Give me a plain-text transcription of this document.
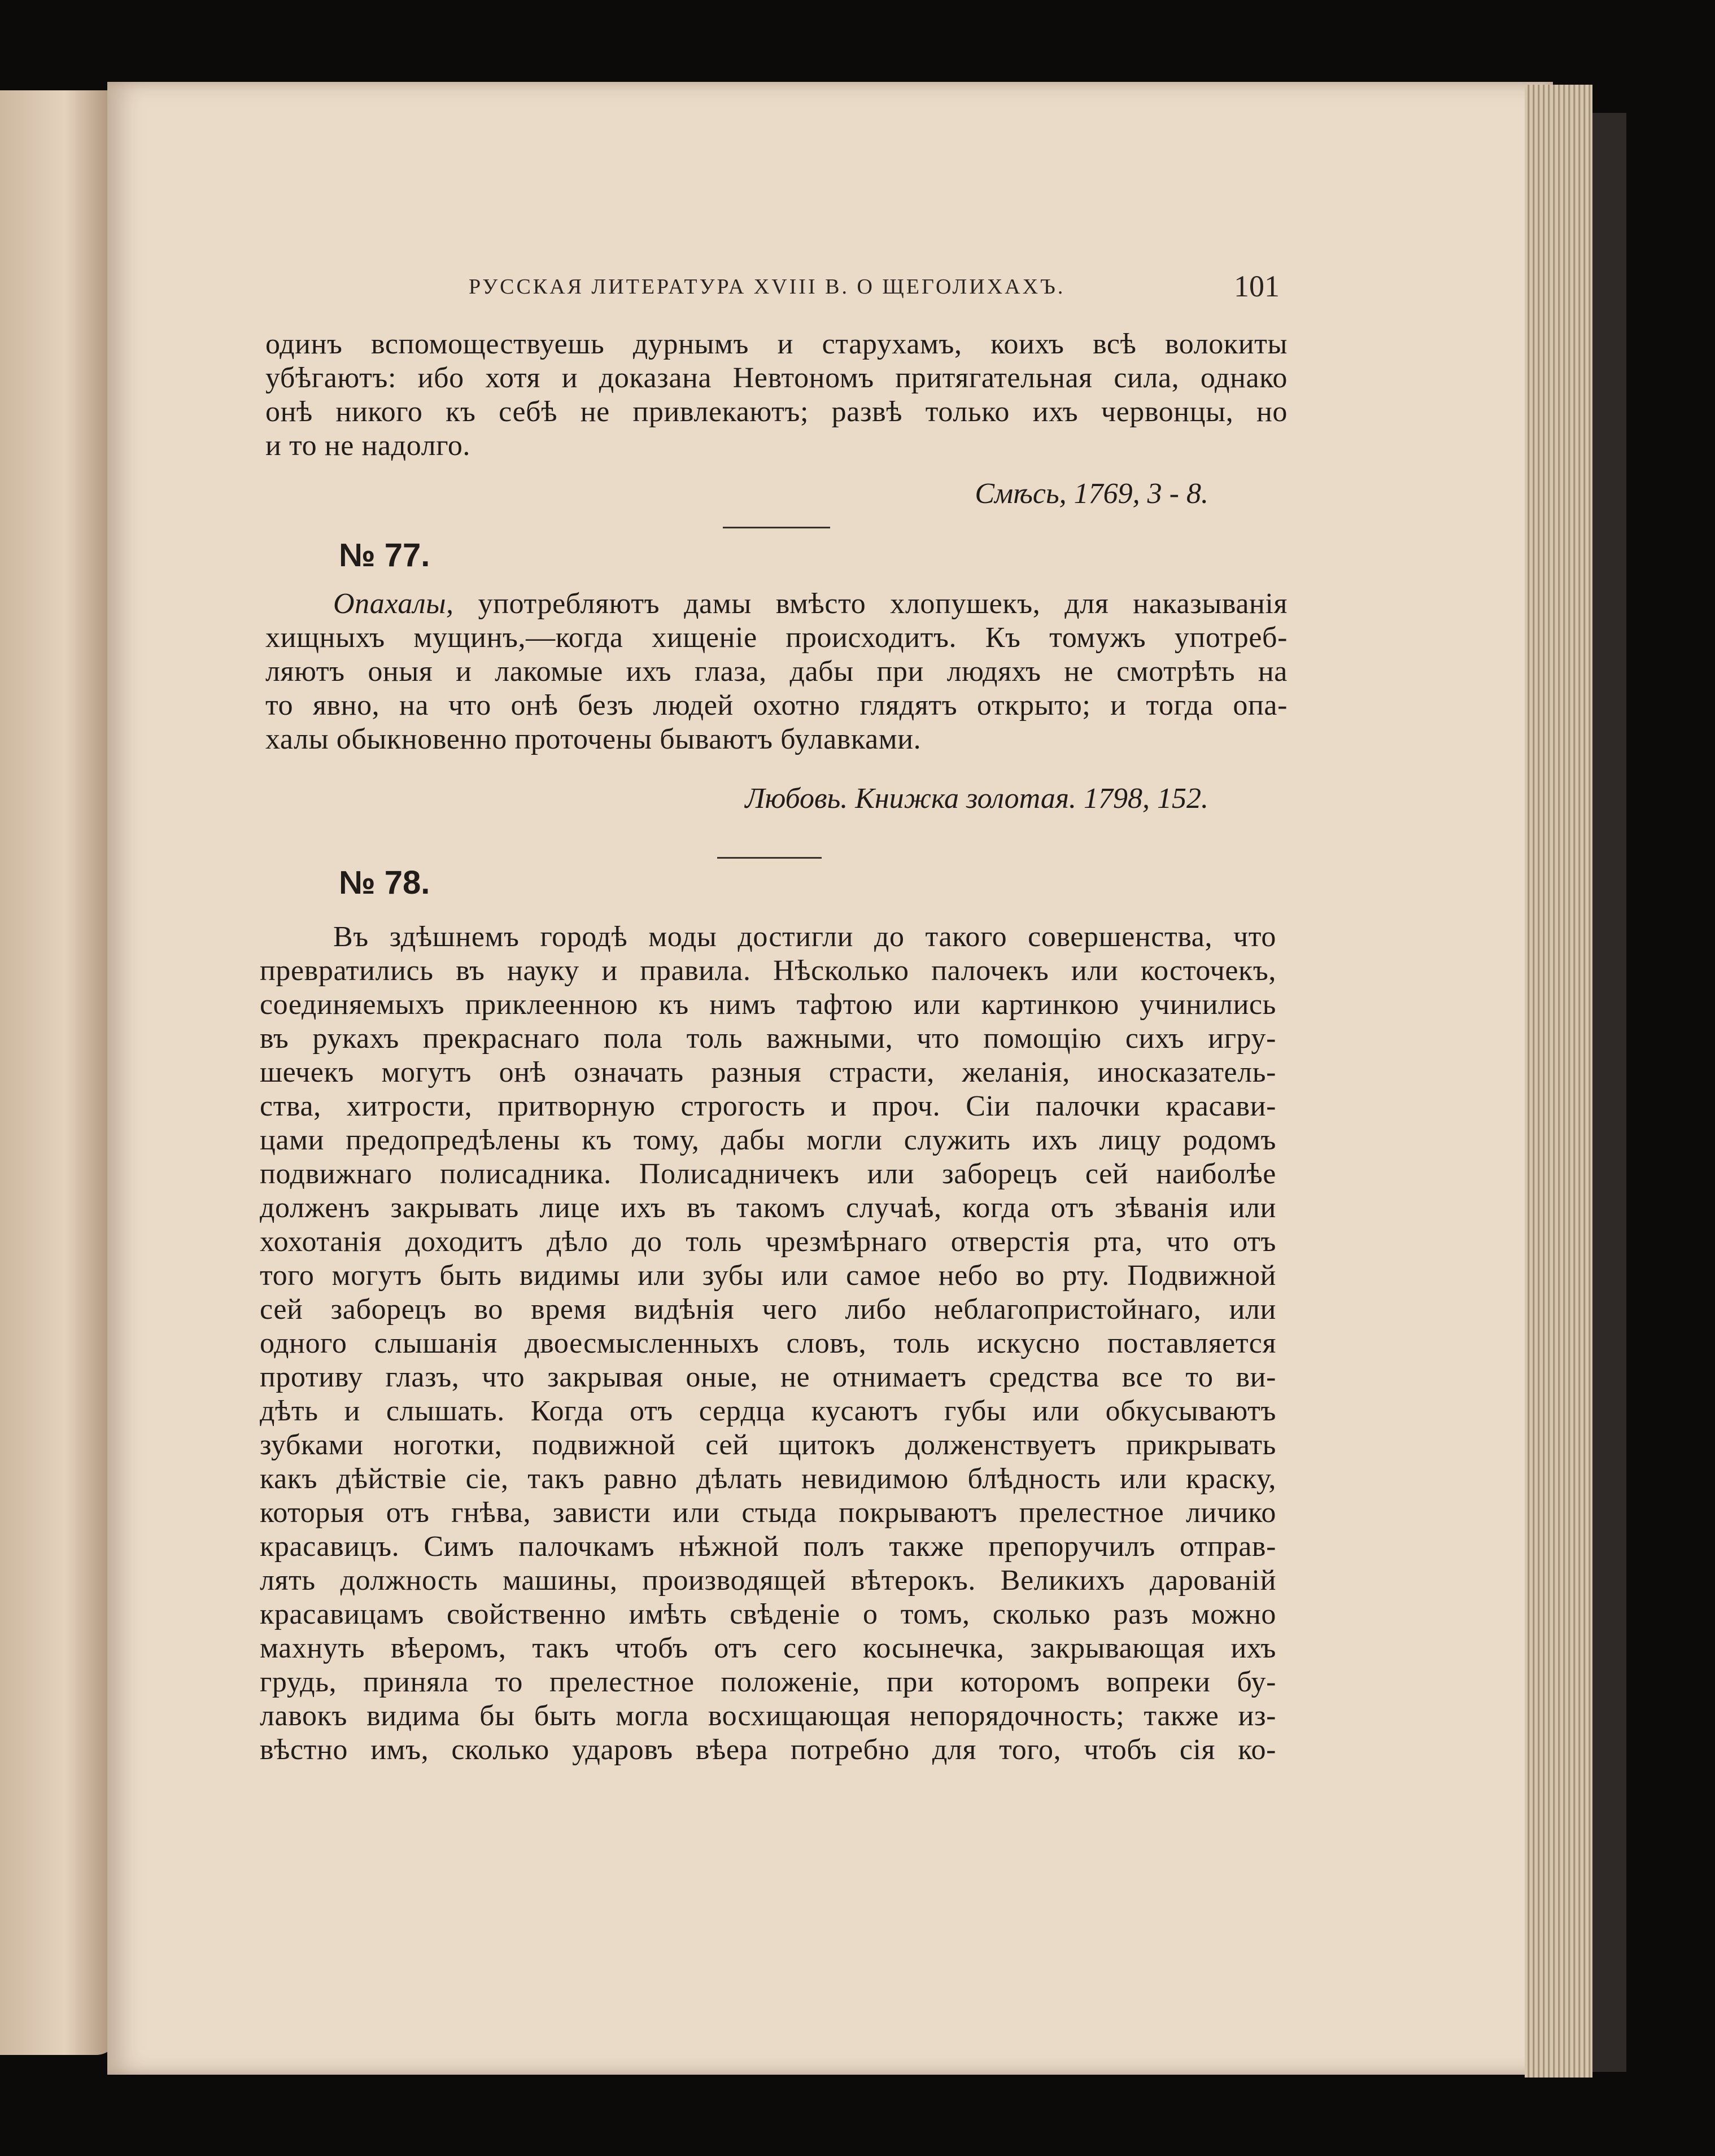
РУССКАЯ ЛИТЕРАТУРА XVIII В. О ЩЕГОЛИХАХЪ.	101
одинъ вспомоществуешь дурнымъ и старухамъ, коихъ всѣ волокиты
убѣгаютъ: ибо хотя и доказана Невтономъ притягательная сила, однако
онѣ никого къ себѣ не привлекаютъ; развѣ только ихъ червонцы, но
и то не надолго.
Смѣсь, 1769, 3 - 8.
№ 77.
Опахалы, употребляютъ дамы вмѣсто хлопушекъ, для наказыванія
хищныхъ мущинъ,—когда хищеніе происходитъ. Къ томужъ употреб-
ляютъ оныя и лакомые ихъ глаза, дабы при людяхъ не смотрѣть на
то явно, на что онѣ безъ людей охотно глядятъ открыто; и тогда опа-
халы обыкновенно проточены бываютъ булавками.
Любовь. Книжка золотая. 1798, 152.
№ 78.
Въ здѣшнемъ городѣ моды достигли до такого совершенства, что
превратились въ науку и правила. Нѣсколько палочекъ или косточекъ,
соединяемыхъ приклеенною къ нимъ тафтою или картинкою учинились
въ рукахъ прекраснаго пола толь важными, что помощію сихъ игру-
шечекъ могутъ онѣ означать разныя страсти, желанія, иносказатель-
ства, хитрости, притворную строгость и проч. Сіи палочки красави-
цами предопредѣлены къ тому, дабы могли служить ихъ лицу родомъ
подвижнаго полисадника. Полисадничекъ или заборецъ сей наиболѣе
долженъ закрывать лице ихъ въ такомъ случаѣ, когда отъ зѣванія или
хохотанія доходитъ дѣло до толь чрезмѣрнаго отверстія рта, что отъ
того могутъ быть видимы или зубы или самое небо во рту. Подвижной
сей заборецъ во время видѣнія чего либо неблагопристойнаго, или
одного слышанія двоесмысленныхъ словъ, толь искусно поставляется
противу глазъ, что закрывая оные, не отнимаетъ средства все то ви-
дѣть и слышать. Когда отъ сердца кусаютъ губы или обкусываютъ
зубками ноготки, подвижной сей щитокъ долженствуетъ прикрывать
какъ дѣйствіе сіе, такъ равно дѣлать невидимою блѣдность или краску,
которыя отъ гнѣва, зависти или стыда покрываютъ прелестное личико
красавицъ. Симъ палочкамъ нѣжной полъ также препоручилъ отправ-
лять должность машины, производящей вѣтерокъ. Великихъ дарованій
красавицамъ свойственно имѣть свѣденіе о томъ, сколько разъ можно
махнуть вѣеромъ, такъ чтобъ отъ сего косынечка, закрывающая ихъ
грудь, приняла то прелестное положеніе, при которомъ вопреки бу-
лавокъ видима бы быть могла восхищающая непорядочность; также из-
вѣстно имъ, сколько ударовъ вѣера потребно для того, чтобъ сія ко-
